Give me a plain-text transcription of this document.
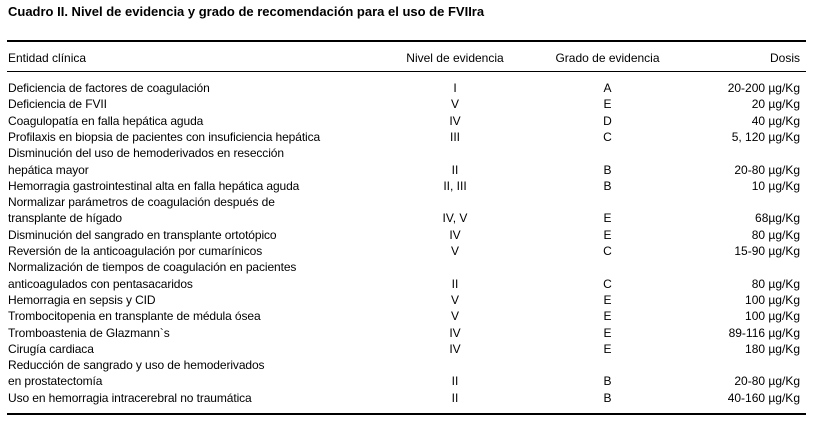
Cuadro II. Nivel de evidencia y grado de recomendación para el uso de FVIIra
Entidad clínica	Nivel de evidencia	Grado de evidencia	Dosis
Deficiencia de factores de coagulación	I	A	20-200 µg/Kg
Deficiencia de FVII	V	E	20 µg/Kg
Coagulopatía en falla hepática aguda	IV	D	40 µg/Kg
Profilaxis en biopsia de pacientes con insuficiencia hepática	III	C	5, 120 µg/Kg
Disminución del uso de hemoderivados en resección
hepática mayor	II	B	20-80 µg/Kg
Hemorragia gastrointestinal alta en falla hepática aguda	II, III	B	10 µg/Kg
Normalizar parámetros de coagulación después de
transplante de hígado	IV, V	E	68µg/Kg
Disminución del sangrado en transplante ortotópico	IV	E	80 µg/Kg
Reversión de la anticoagulación por cumarínicos	V	C	15-90 µg/Kg
Normalización de tiempos de coagulación en pacientes
anticoagulados con pentasacaridos	II	C	80 µg/Kg
Hemorragia en sepsis y CID	V	E	100 µg/Kg
Trombocitopenia en transplante de médula ósea	V	E	100 µg/Kg
Tromboastenia de Glazmann`s	IV	E	89-116 µg/Kg
Cirugía cardiaca	IV	E	180 µg/Kg
Reducción de sangrado y uso de hemoderivados
en prostatectomía	II	B	20-80 µg/Kg
Uso en hemorragia intracerebral no traumática	II	B	40-160 µg/Kg
